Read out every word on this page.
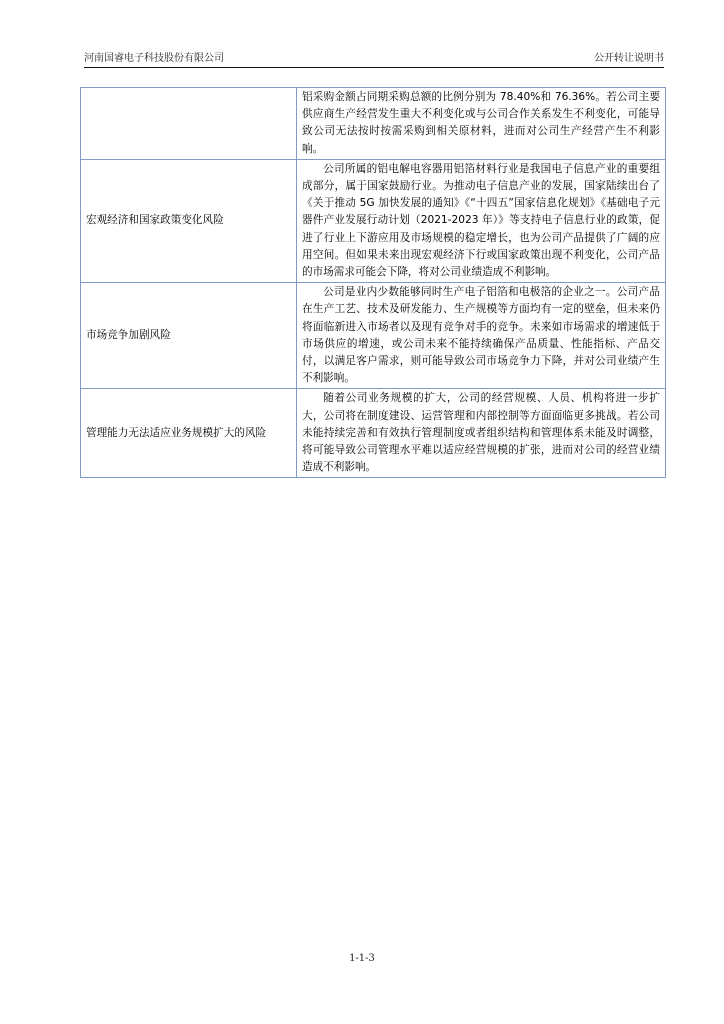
河南国睿电子科技股份有限公司	公开转让说明书
	铝采购金额占同期采购总额的比例分别为 78.40%和 76.36%。若公司主要供应商生产经营发生重大不利变化或与公司合作关系发生不利变化，可能导致公司无法按时按需采购到相关原材料，进而对公司生产经营产生不利影响。
宏观经济和国家政策变化风险	公司所属的铝电解电容器用铝箔材料行业是我国电子信息产业的重要组成部分，属于国家鼓励行业。为推动电子信息产业的发展，国家陆续出台了《关于推动 5G 加快发展的通知》《“十四五”国家信息化规划》《基础电子元器件产业发展行动计划（2021-2023 年）》等支持电子信息行业的政策，促进了行业上下游应用及市场规模的稳定增长，也为公司产品提供了广阔的应用空间。但如果未来出现宏观经济下行或国家政策出现不利变化，公司产品的市场需求可能会下降，将对公司业绩造成不利影响。
市场竞争加剧风险	公司是业内少数能够同时生产电子铝箔和电极箔的企业之一。公司产品在生产工艺、技术及研发能力、生产规模等方面均有一定的壁垒，但未来仍将面临新进入市场者以及现有竞争对手的竞争。未来如市场需求的增速低于市场供应的增速，或公司未来不能持续确保产品质量、性能指标、产品交付，以满足客户需求，则可能导致公司市场竞争力下降，并对公司业绩产生不利影响。
管理能力无法适应业务规模扩大的风险	随着公司业务规模的扩大，公司的经营规模、人员、机构将进一步扩大，公司将在制度建设、运营管理和内部控制等方面面临更多挑战。若公司未能持续完善和有效执行管理制度或者组织结构和管理体系未能及时调整，将可能导致公司管理水平难以适应经营规模的扩张，进而对公司的经营业绩造成不利影响。
1-1-3
